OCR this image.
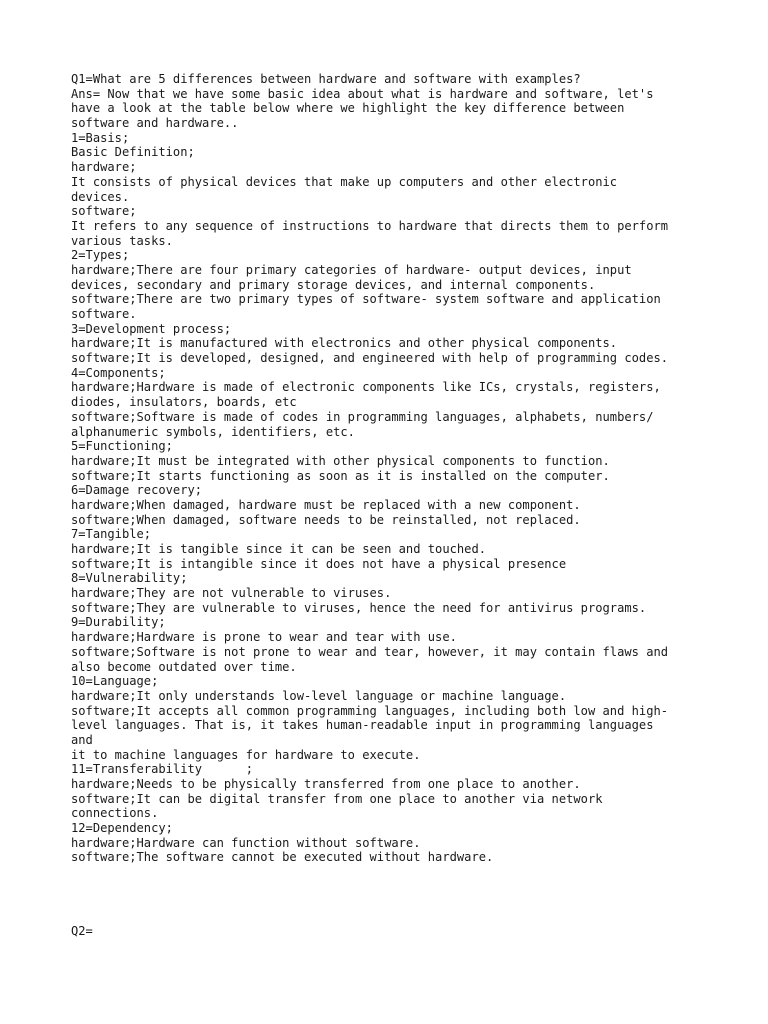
Q1=What are 5 differences between hardware and software with examples?
Ans= Now that we have some basic idea about what is hardware and software, let's
have a look at the table below where we highlight the key difference between
software and hardware..
1=Basis;
Basic Definition;
hardware;
It consists of physical devices that make up computers and other electronic
devices.
software;
It refers to any sequence of instructions to hardware that directs them to perform
various tasks.
2=Types;
hardware;There are four primary categories of hardware- output devices, input
devices, secondary and primary storage devices, and internal components.
software;There are two primary types of software- system software and application
software.
3=Development process;
hardware;It is manufactured with electronics and other physical components.
software;It is developed, designed, and engineered with help of programming codes.
4=Components;
hardware;Hardware is made of electronic components like ICs, crystals, registers,
diodes, insulators, boards, etc
software;Software is made of codes in programming languages, alphabets, numbers/
alphanumeric symbols, identifiers, etc.
5=Functioning;
hardware;It must be integrated with other physical components to function.
software;It starts functioning as soon as it is installed on the computer.
6=Damage recovery;
hardware;When damaged, hardware must be replaced with a new component.
software;When damaged, software needs to be reinstalled, not replaced.
7=Tangible;
hardware;It is tangible since it can be seen and touched.
software;It is intangible since it does not have a physical presence
8=Vulnerability;
hardware;They are not vulnerable to viruses.
software;They are vulnerable to viruses, hence the need for antivirus programs.
9=Durability;
hardware;Hardware is prone to wear and tear with use.
software;Software is not prone to wear and tear, however, it may contain flaws and
also become outdated over time.
10=Language;
hardware;It only understands low-level language or machine language.
software;It accepts all common programming languages, including both low and high-
level languages. That is, it takes human-readable input in programming languages
and
it to machine languages for hardware to execute.
11=Transferability      ;
hardware;Needs to be physically transferred from one place to another.
software;It can be digital transfer from one place to another via network
connections.
12=Dependency;
hardware;Hardware can function without software.
software;The software cannot be executed without hardware.
Q2=
